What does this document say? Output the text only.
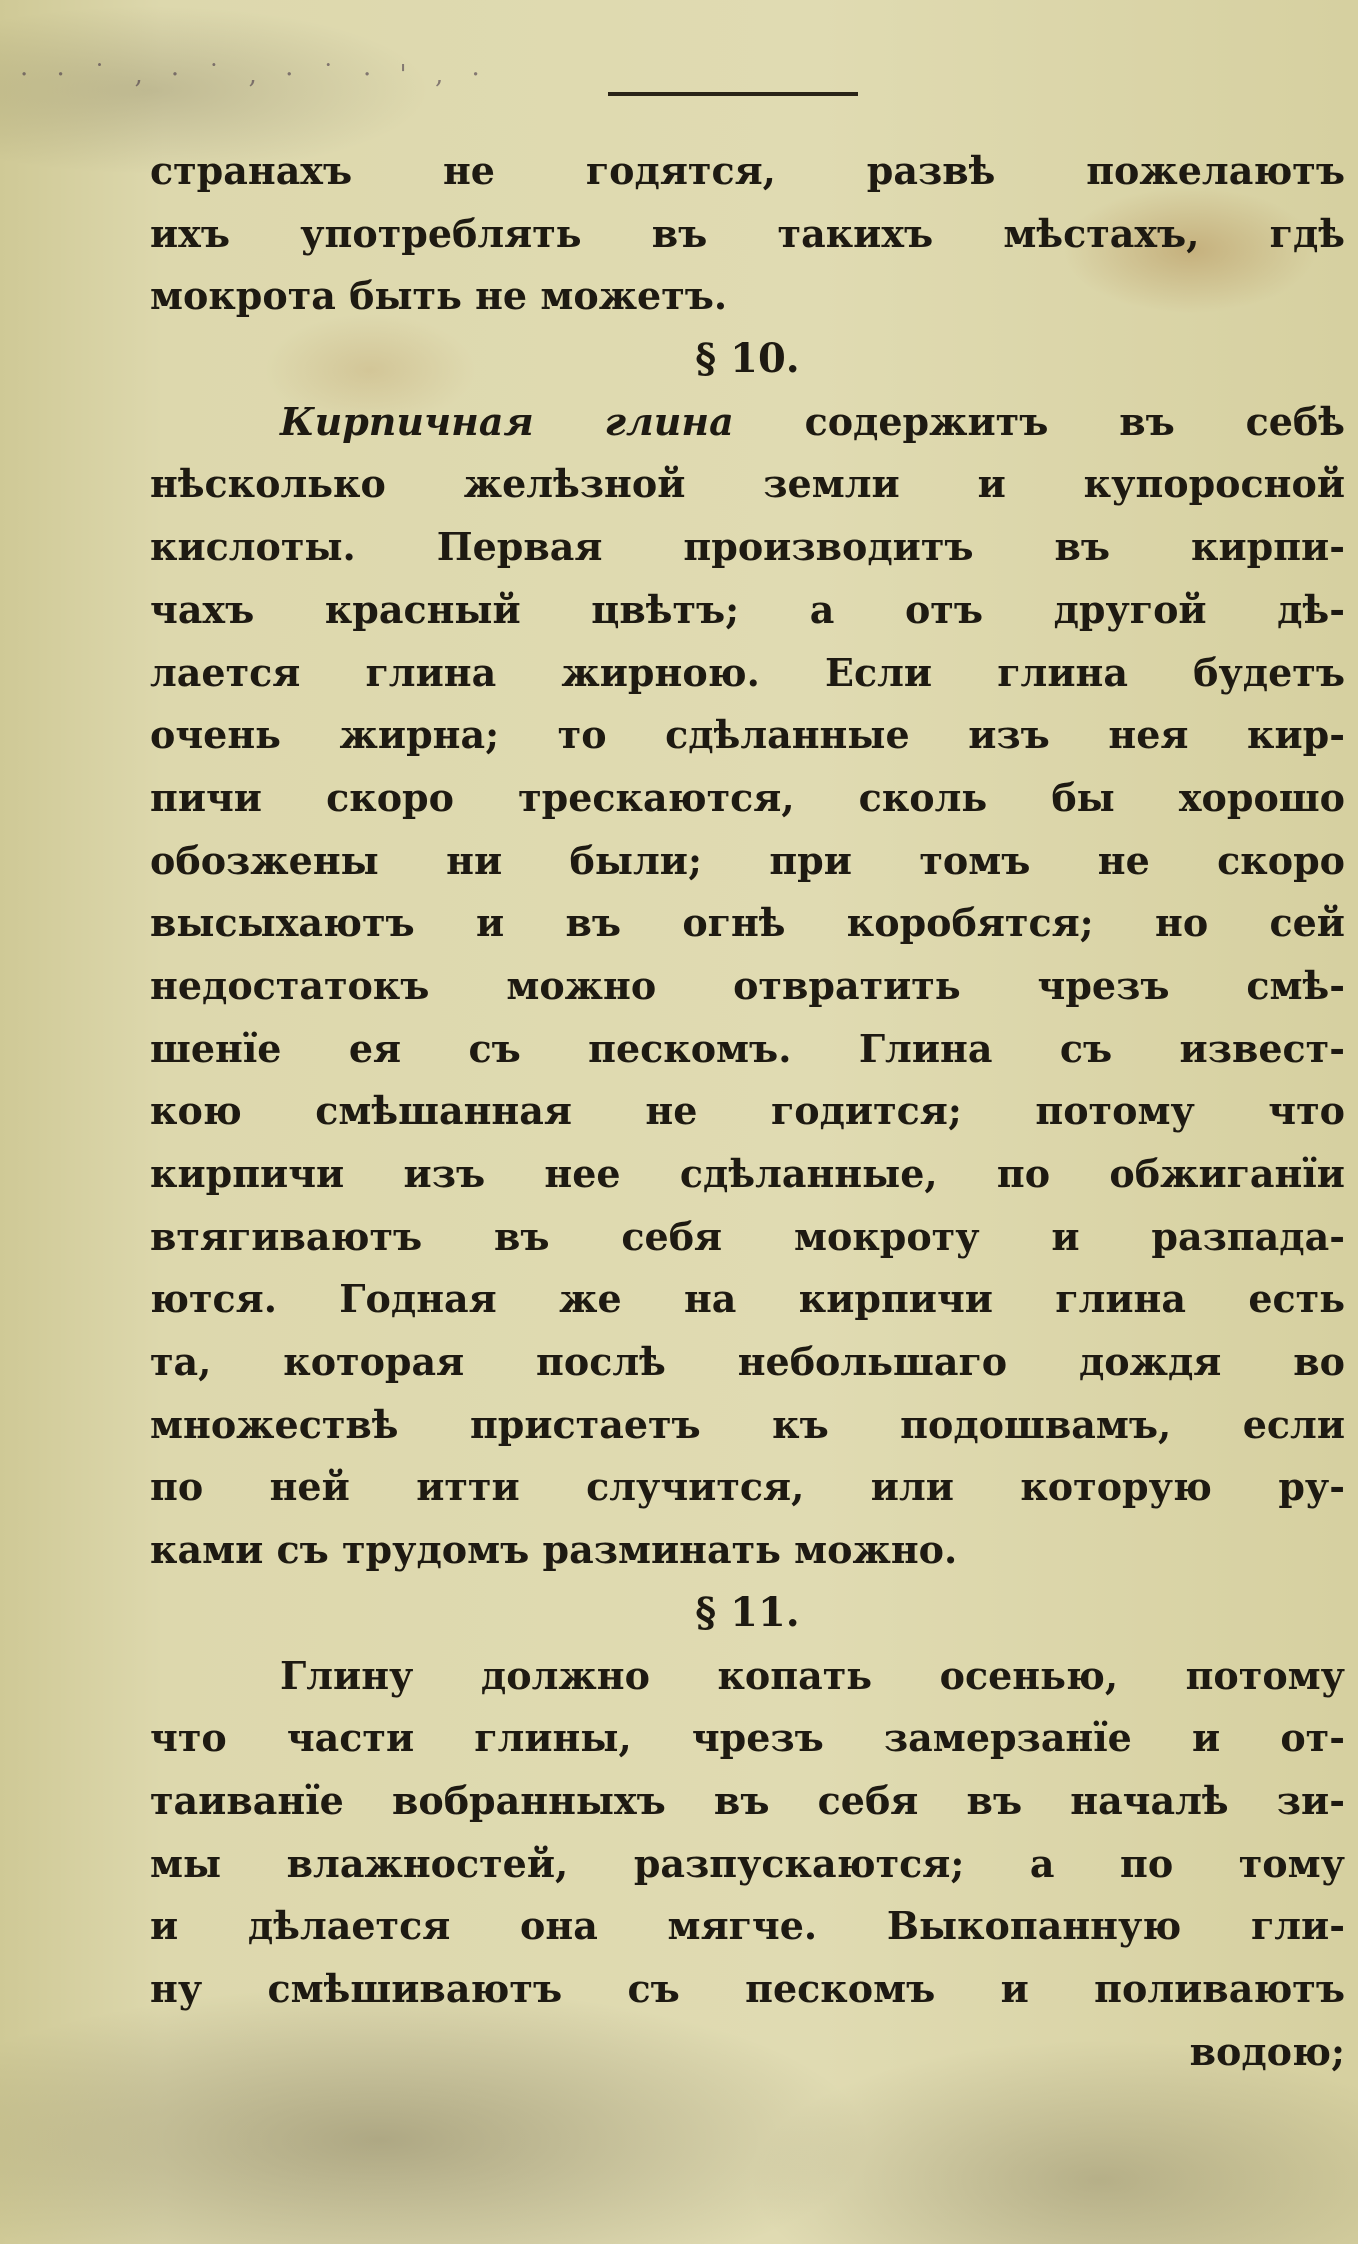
· · ˙ ‚ · ˙ , · ˙ · ' ‚ ·
странахъ не годятся, развѣ пожелаютъ
ихъ употреблять въ такихъ мѣстахъ, гдѣ
мокрота быть не можетъ.
§ 10.
Кирпичная глина содержитъ въ себѣ
нѣсколько желѣзной земли и купоросной
кислоты. Первая производитъ въ кирпи-
чахъ красный цвѣтъ; а отъ другой дѣ-
лается глина жирною. Если глина будетъ
очень жирна; то сдѣланные изъ нея кир-
пичи скоро трескаются, сколь бы хорошо
обозжены ни были; при томъ не скоро
высыхаютъ и въ огнѣ коробятся; но сей
недостатокъ можно отвратить чрезъ смѣ-
шенїе ея съ пескомъ. Глина съ извест-
кою смѣшанная не годится; потому что
кирпичи изъ нее сдѣланные, по обжиганїи
втягиваютъ въ себя мокроту и разпада-
ются. Годная же на кирпичи глина есть
та, которая послѣ небольшаго дождя во
множествѣ пристаетъ къ подошвамъ, если
по ней итти случится, или которую ру-
ками съ трудомъ разминать можно.
§ 11.
Глину должно копать осенью, потому
что части глины, чрезъ замерзанїе и от-
таиванїе вобранныхъ въ себя въ началѣ зи-
мы влажностей, разпускаются; а по тому
и дѣлается она мягче. Выкопанную гли-
ну смѣшиваютъ съ пескомъ и поливаютъ
водою;
